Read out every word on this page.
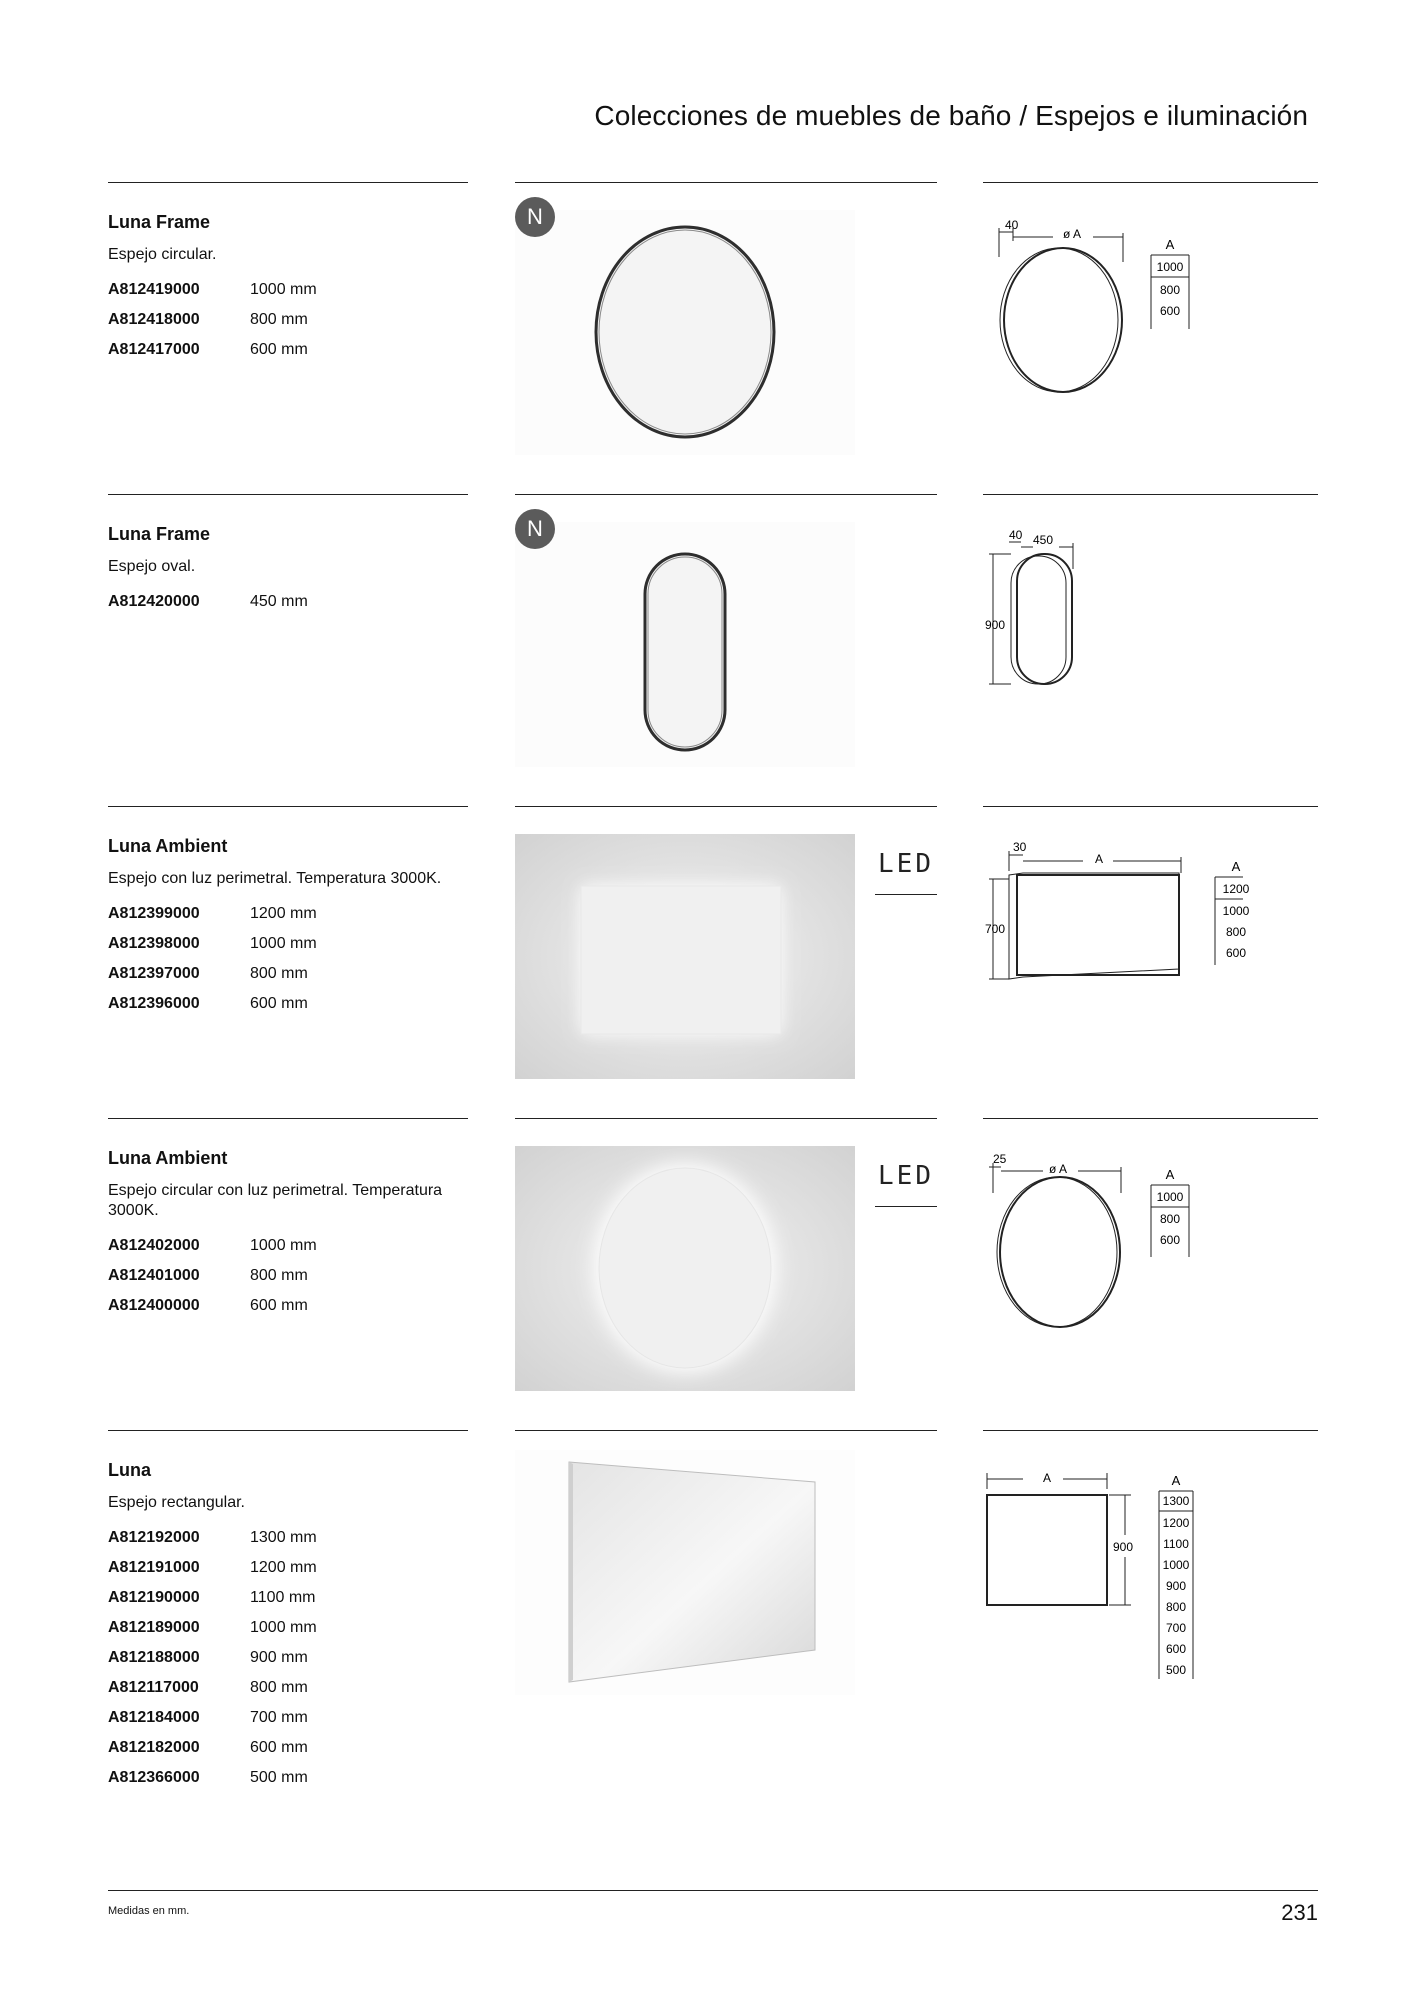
Colecciones de muebles de baño / Espejos e iluminación
Luna Frame
Espejo circular.
A812419000	1000 mm
A812418000	800 mm
A812417000	600 mm
N	40
ø A
A
1000
800
600
Luna Frame
Espejo oval.
A812420000	450 mm
N	40 450
900
Luna Ambient
Espejo con luz perimetral. Temperatura 3000K.
A812399000	1200 mm
A812398000	1000 mm
A812397000	800 mm
A812396000	600 mm
LED
30
A
700
A
1200
1000
800
600
Luna Ambient
Espejo circular con luz perimetral. Temperatura 3000K.
A812402000	1000 mm
A812401000	800 mm
A812400000	600 mm
LED
25
ø A	A
1000
800
600
Luna
Espejo rectangular.
A812192000	1300 mm
A812191000	1200 mm
A812190000	1100 mm
A812189000	1000 mm
A812188000	900 mm
A812117000	800 mm
A812184000	700 mm
A812182000	600 mm
A812366000	500 mm
A
900
A
1300
1200
1100
1000
900
800
700
600
500
Medidas en mm.	231
